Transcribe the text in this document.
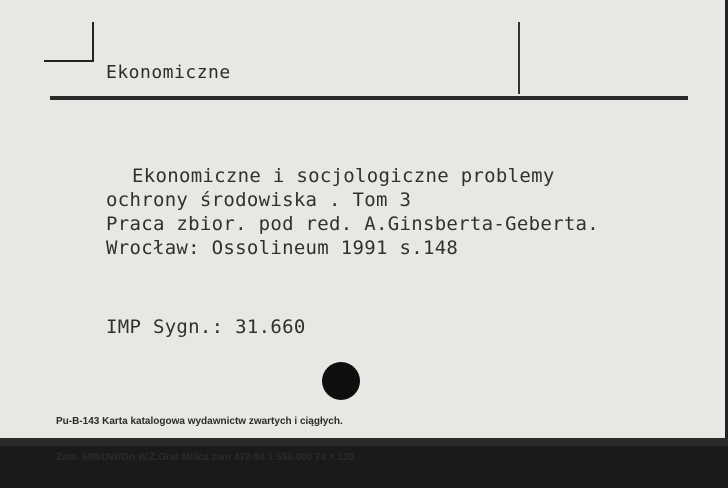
Ekonomiczne
Ekonomiczne i socjologiczne problemy
ochrony środowiska . Tom 3
Praca zbior. pod red. A.Ginsberta-Geberta.
Wrocław: Ossolineum 1991 s.148
IMP Sygn.: 31.660

Pu-B-143 Karta katalogowa wydawnictw zwartych i ciągłych.

Zam. 698/DW/On W.Z.Graf Milicz zam 472-84 1 550.000 74 × 120
